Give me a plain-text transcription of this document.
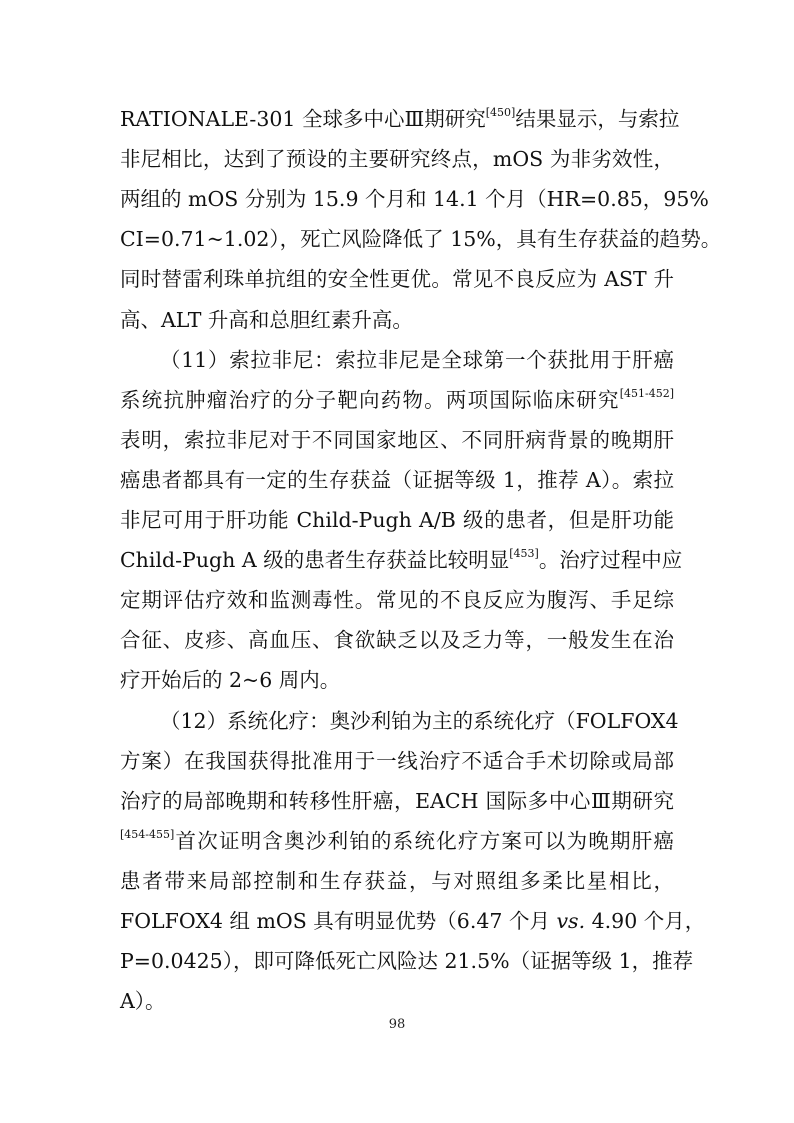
RATIONALE-301 全球多中心Ⅲ期研究[450]结果显示，与索拉
非尼相比，达到了预设的主要研究终点，mOS 为非劣效性，
两组的 mOS 分别为 15.9 个月和 14.1 个月（HR=0.85，95%
CI=0.71~1.02），死亡风险降低了 15%，具有生存获益的趋势。
同时替雷利珠单抗组的安全性更优。常见不良反应为 AST 升
高、ALT 升高和总胆红素升高。
（11）索拉非尼：索拉非尼是全球第一个获批用于肝癌
系统抗肿瘤治疗的分子靶向药物。两项国际临床研究[451-452]
表明，索拉非尼对于不同国家地区、不同肝病背景的晚期肝
癌患者都具有一定的生存获益（证据等级 1，推荐 A）。索拉
非尼可用于肝功能 Child-Pugh A/B 级的患者，但是肝功能
Child-Pugh A 级的患者生存获益比较明显[453]。治疗过程中应
定期评估疗效和监测毒性。常见的不良反应为腹泻、手足综
合征、皮疹、高血压、食欲缺乏以及乏力等，一般发生在治
疗开始后的 2~6 周内。
（12）系统化疗：奥沙利铂为主的系统化疗（FOLFOX4
方案）在我国获得批准用于一线治疗不适合手术切除或局部
治疗的局部晚期和转移性肝癌，EACH 国际多中心Ⅲ期研究
[454-455]首次证明含奥沙利铂的系统化疗方案可以为晚期肝癌
患者带来局部控制和生存获益，与对照组多柔比星相比，
FOLFOX4 组 mOS 具有明显优势（6.47 个月 vs. 4.90 个月，
P=0.0425），即可降低死亡风险达 21.5%（证据等级 1，推荐
A）。
98
